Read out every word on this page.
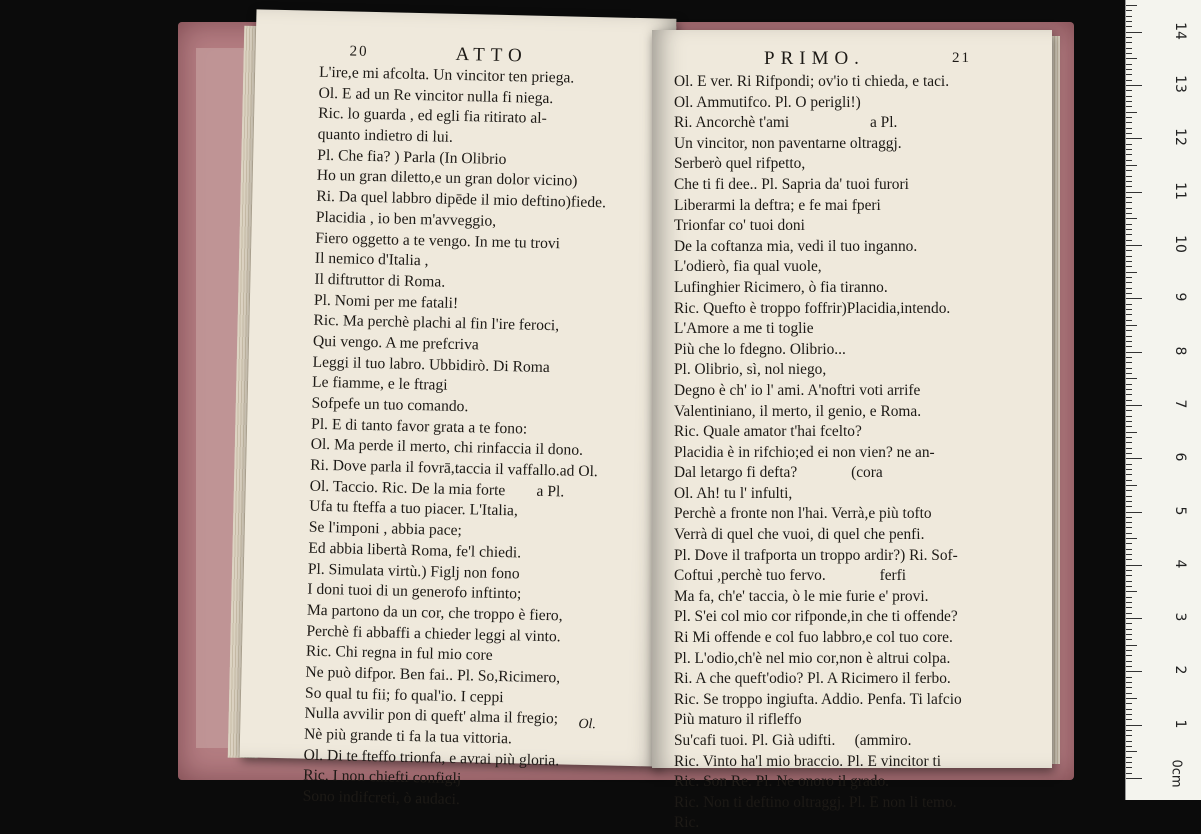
20	ATTO
L'ire,e mi afcolta. Un vincitor ten priega.
Ol. E ad un Re vincitor nulla fi niega.
Ric. lo guarda , ed egli fia ritirato al-
quanto indietro di lui.
Pl. Che fia? ) Parla (In Olibrio
Ho un gran diletto,e un gran dolor vicino)
Ri. Da quel labbro dipēde il mio deftino)fiede.
Placidia , io ben m'avveggio,
Fiero oggetto a te vengo. In me tu trovi
Il nemico d'Italia ,
Il diftruttor di Roma.
Pl. Nomi per me fatali!
Ric. Ma perchè plachi al fin l'ire feroci,
Qui vengo. A me prefcriva
Leggi il tuo labro. Ubbidirò. Di Roma
Le fiamme, e le ftragi
Sofpefe un tuo comando.
Pl. E di tanto favor grata a te fono:
Ol. Ma perde il merto, chi rinfaccia il dono.
Ri. Dove parla il fovrā,taccia il vaffallo.ad Ol.
Ol. Taccio. Ric. De la mia forte        a Pl.
Ufa tu fteffa a tuo piacer. L'Italia,
Se l'imponi , abbia pace;
Ed abbia libertà Roma, fe'l chiedi.
Pl. Simulata virtù.) Figlj non fono
I doni tuoi di un generofo inftinto;
Ma partono da un cor, che troppo è fiero,
Perchè fi abbaffi a chieder leggi al vinto.
Ric. Chi regna in ful mio core
Ne può difpor. Ben fai.. Pl. So,Ricimero,
So qual tu fii; fo qual'io. I ceppi
Nulla avvilir pon di queft' alma il fregio;
Nè più grande ti fa la tua vittoria.
Ol. Di te fteffo trionfa, e avrai più gloria.
Ric. I non chiefti configlj
Sono indifcreti, ò audaci.
Ol.
PRIMO.	21
Ol. E ver. Ri Rifpondi; ov'io ti chieda, e taci.
Ol. Ammutifco. Pl. O perigli!)
Ri. Ancorchè t'ami                     a Pl.
Un vincitor, non paventarne oltraggj.
Serberò quel rifpetto,
Che ti fi dee.. Pl. Sapria da' tuoi furori
Liberarmi la deftra; e fe mai fperi
Trionfar co' tuoi doni
De la coftanza mia, vedi il tuo inganno.
L'odierò, fia qual vuole,
Lufinghier Ricimero, ò fia tiranno.
Ric. Quefto è troppo foffrir)Placidia,intendo.
L'Amore a me ti toglie
Più che lo fdegno. Olibrio...
Pl. Olibrio, sì, nol niego,
Degno è ch' io l' ami. A'noftri voti arrife
Valentiniano, il merto, il genio, e Roma.
Ric. Quale amator t'hai fcelto?
Placidia è in rifchio;ed ei non vien? ne an-
Dal letargo fi defta?              (cora
Ol. Ah! tu l' infulti,
Perchè a fronte non l'hai. Verrà,e più tofto
Verrà di quel che vuoi, di quel che penfi.
Pl. Dove il trafporta un troppo ardir?) Ri. Sof-
Coftui ,perchè tuo fervo.              ferfi
Ma fa, ch'e' taccia, ò le mie furie e' provi.
Pl. S'ei col mio cor rifponde,in che ti offende?
Ri Mi offende e col fuo labbro,e col tuo core.
Pl. L'odio,ch'è nel mio cor,non è altrui colpa.
Ri. A che queft'odio? Pl. A Ricimero il ferbo.
Ric. Se troppo ingiufta. Addio. Penfa. Ti lafcio
Più maturo il rifleffo
Su'cafi tuoi. Pl. Già udifti.     (ammiro.
Ric. Vinto ha'l mio braccio. Pl. E vincitor ti
Ric. Son Re. Pl. Ne onoro il grado.
Ric. Non ti deftino oltraggj. Pl. E non li temo.
Ric.
0cm
1
2
3
4
5
6
7
8
9
10
11
12
13
14
